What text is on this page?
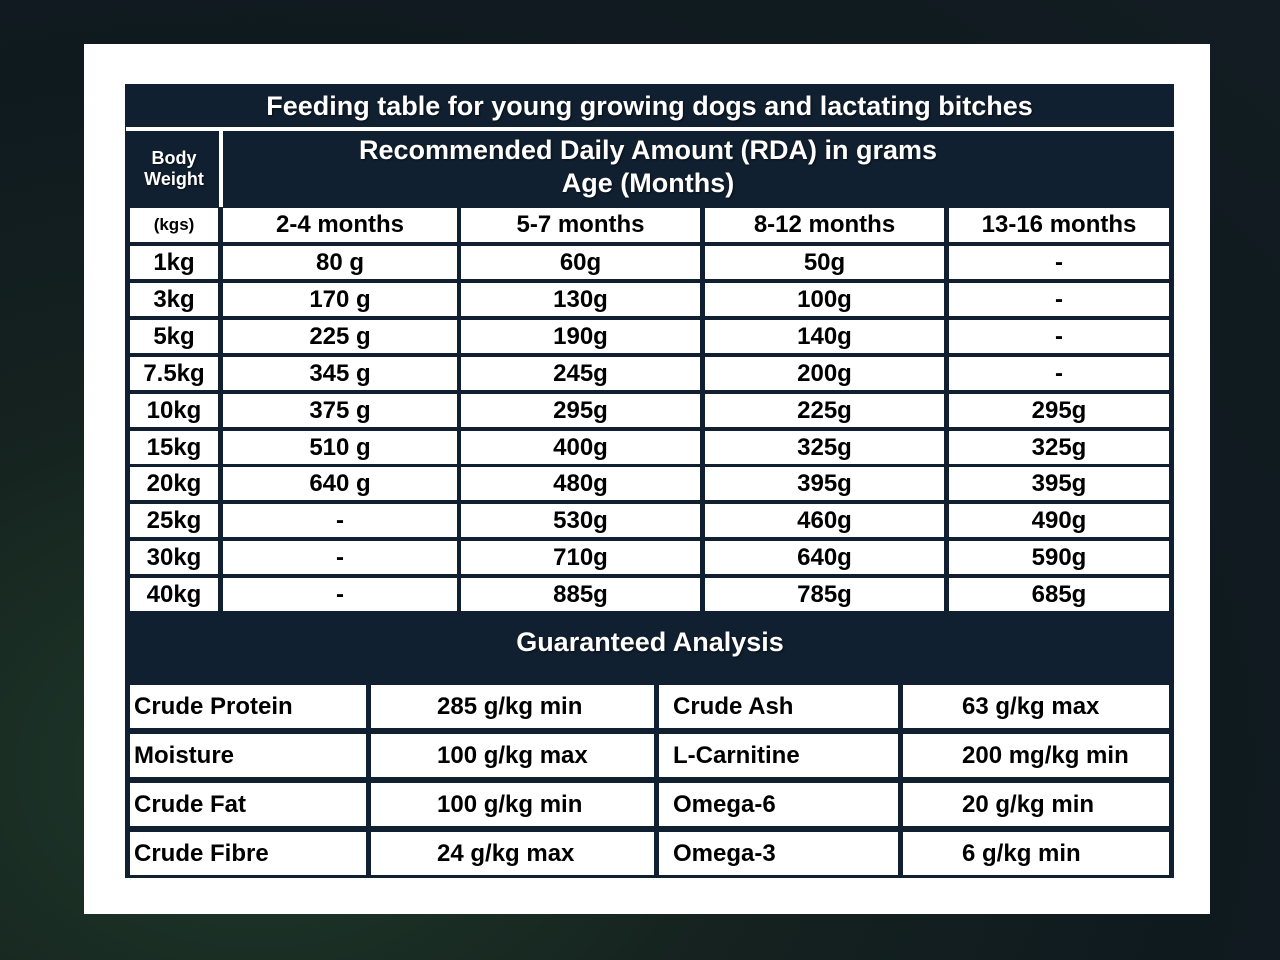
Feeding table for young growing dogs and lactating bitches
Body
Weight
Recommended Daily Amount (RDA) in grams
Age (Months)
(kgs)	2-4 months	5-7 months	8-12 months	13-16 months
1kg	80 g	60g	50g	-
3kg	170 g	130g	100g	-
5kg	225 g	190g	140g	-
7.5kg	345 g	245g	200g	-
10kg	375 g	295g	225g	295g
15kg	510 g	400g	325g	325g
20kg	640 g	480g	395g	395g
25kg	-	530g	460g	490g
30kg	-	710g	640g	590g
40kg	-	885g	785g	685g
Guaranteed Analysis
Crude Protein	285 g/kg min	Crude Ash	63 g/kg max
Moisture	100 g/kg max	L-Carnitine	200 mg/kg min
Crude Fat	100 g/kg min	Omega-6	20 g/kg min
Crude Fibre	24 g/kg max	Omega-3	6 g/kg min
